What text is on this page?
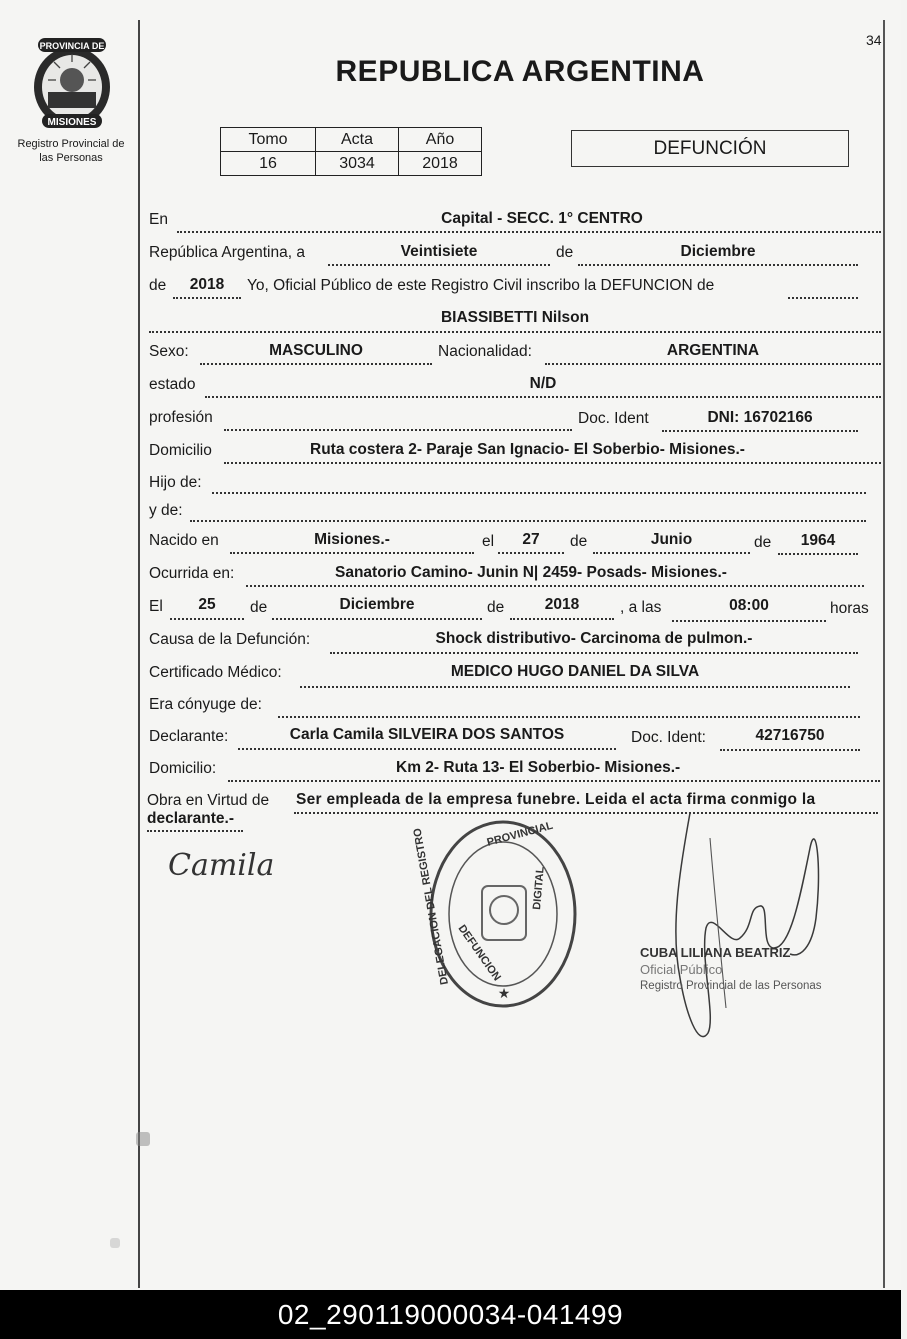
34
PROVINCIA DE
MISIONES
Registro Provincial de
las Personas
REPUBLICA ARGENTINA
Tomo	Acta	Año
16	3034	2018
DEFUNCIÓN
En	Capital - SECC. 1° CENTRO
República Argentina, a	Veintisiete	de	Diciembre
de	2018	Yo, Oficial Público de este Registro Civil inscribo la DEFUNCION de
BIASSIBETTI Nilson
Sexo:	MASCULINO	Nacionalidad:	ARGENTINA
estado	N/D
profesión	Doc. Ident	DNI: 16702166
Domicilio	Ruta costera 2- Paraje San Ignacio- El Soberbio- Misiones.-
Hijo de:
y de:
Nacido en	Misiones.-	el	27	de	Junio	de	1964
Ocurrida en:	Sanatorio Camino- Junin N| 2459- Posads- Misiones.-
El	25	de	Diciembre	de	2018	, a las	08:00	horas
Causa de la Defunción:	Shock distributivo- Carcinoma de pulmon.-
Certificado Médico:	MEDICO HUGO DANIEL DA SILVA
Era cónyuge de:
Declarante:	Carla Camila SILVEIRA DOS SANTOS	Doc. Ident:	42716750
Domicilio:	Km 2- Ruta 13- El Soberbio- Misiones.-
Obra en Virtud de Ser empleada de la empresa funebre. Leida el acta firma conmigo la
declarante.-
Camila
★
DELEGACION DEL REGISTRO	PROVINCIAL
DEFUNCION
DIGITAL
CUBA LILIANA BEATRIZ
Oficial Público
Registro Provincial de las Personas
02_290119000034-041499
